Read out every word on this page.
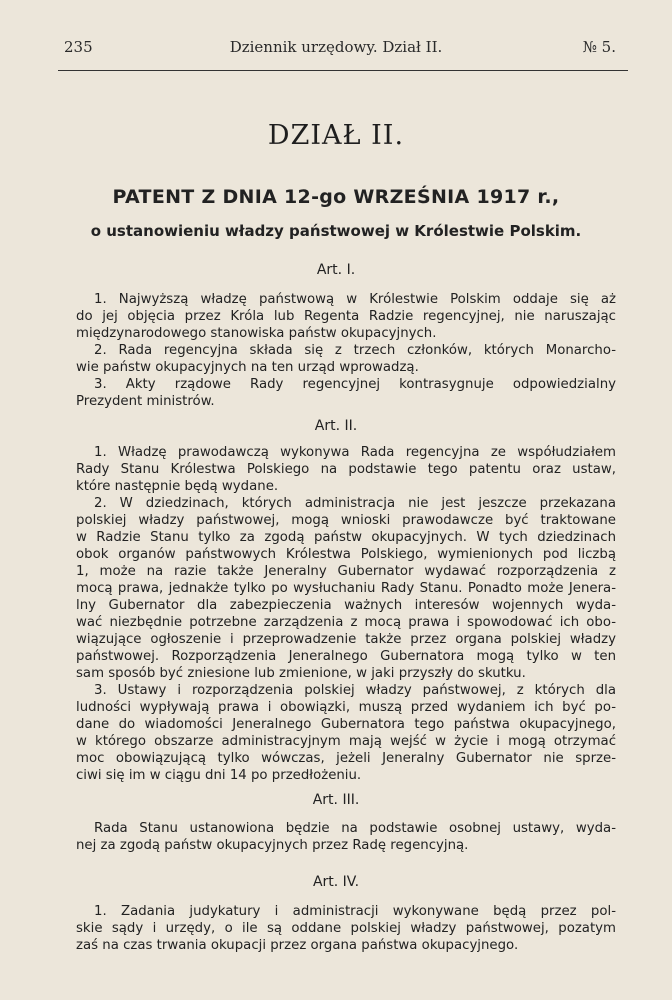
235	Dziennik urzędowy. Dział II.	№ 5.
DZIAŁ II.
PATENT Z DNIA 12-go WRZEŚNIA 1917 r.,
o ustanowieniu władzy państwowej w Królestwie Polskim.
Art. I.
1. Najwyższą władzę państwową w Królestwie Polskim oddaje się aż
do jej objęcia przez Króla lub Regenta Radzie regencyjnej, nie naruszając
międzynarodowego stanowiska państw okupacyjnych.
2. Rada regencyjna składa się z trzech członków, których Monarcho-
wie państw okupacyjnych na ten urząd wprowadzą.
3. Akty rządowe Rady regencyjnej kontrasygnuje odpowiedzialny
Prezydent ministrów.
Art. II.
1. Władzę prawodawczą wykonywa Rada regencyjna ze współudziałem
Rady Stanu Królestwa Polskiego na podstawie tego patentu oraz ustaw,
które następnie będą wydane.
2. W dziedzinach, których administracja nie jest jeszcze przekazana
polskiej władzy państwowej, mogą wnioski prawodawcze być traktowane
w Radzie Stanu tylko za zgodą państw okupacyjnych. W tych dziedzinach
obok organów państwowych Królestwa Polskiego, wymienionych pod liczbą
1, może na razie także Jeneralny Gubernator wydawać rozporządzenia z
mocą prawa, jednakże tylko po wysłuchaniu Rady Stanu. Ponadto może Jenera-
lny Gubernator dla zabezpieczenia ważnych interesów wojennych wyda-
wać niezbędnie potrzebne zarządzenia z mocą prawa i spowodować ich obo-
wiązujące ogłoszenie i przeprowadzenie także przez organa polskiej władzy
państwowej. Rozporządzenia Jeneralnego Gubernatora mogą tylko w ten
sam sposób być zniesione lub zmienione, w jaki przyszły do skutku.
3. Ustawy i rozporządzenia polskiej władzy państwowej, z których dla
ludności wypływają prawa i obowiązki, muszą przed wydaniem ich być po-
dane do wiadomości Jeneralnego Gubernatora tego państwa okupacyjnego,
w którego obszarze administracyjnym mają wejść w życie i mogą otrzymać
moc obowiązującą tylko wówczas, jeżeli Jeneralny Gubernator nie sprze-
ciwi się im w ciągu dni 14 po przedłożeniu.
Art. III.
Rada Stanu ustanowiona będzie na podstawie osobnej ustawy, wyda-
nej za zgodą państw okupacyjnych przez Radę regencyjną.
Art. IV.
1. Zadania judykatury i administracji wykonywane będą przez pol-
skie sądy i urzędy, o ile są oddane polskiej władzy państwowej, pozatym
zaś na czas trwania okupacji przez organa państwa okupacyjnego.
